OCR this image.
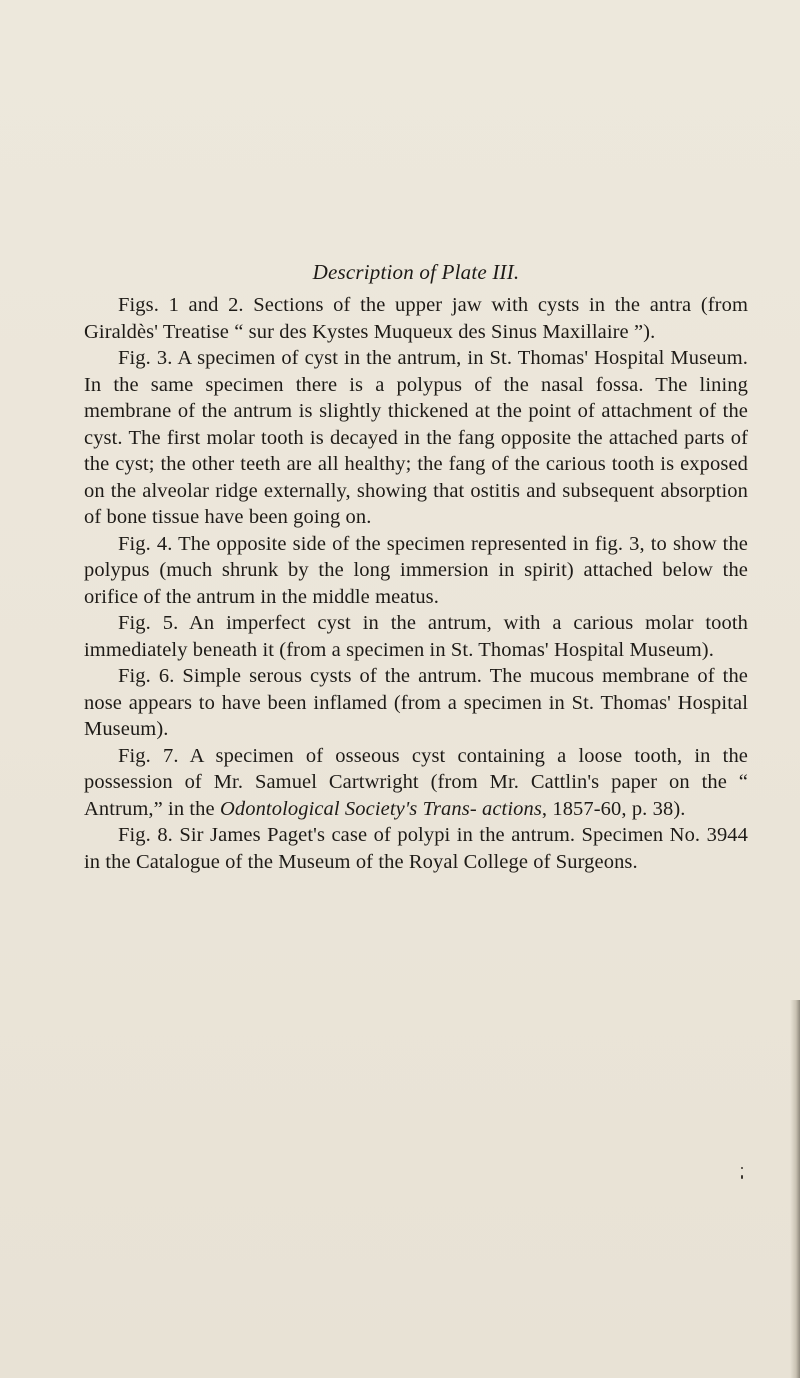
Description of Plate III.

Figs. 1 and 2. Sections of the upper jaw with cysts in the antra (from Giraldès' Treatise “ sur des Kystes Muqueux des Sinus Maxillaire ”).

Fig. 3. A specimen of cyst in the antrum, in St. Thomas' Hospital Museum. In the same specimen there is a polypus of the nasal fossa. The lining membrane of the antrum is slightly thickened at the point of attachment of the cyst. The first molar tooth is decayed in the fang opposite the attached parts of the cyst; the other teeth are all healthy; the fang of the carious tooth is exposed on the alveolar ridge externally, showing that ostitis and subsequent absorption of bone tissue have been going on.

Fig. 4. The opposite side of the specimen represented in fig. 3, to show the polypus (much shrunk by the long immersion in spirit) attached below the orifice of the antrum in the middle meatus.

Fig. 5. An imperfect cyst in the antrum, with a carious molar tooth immediately beneath it (from a specimen in St. Thomas' Hospital Museum).

Fig. 6. Simple serous cysts of the antrum. The mucous membrane of the nose appears to have been inflamed (from a specimen in St. Thomas' Hospital Museum).

Fig. 7. A specimen of osseous cyst containing a loose tooth, in the possession of Mr. Samuel Cartwright (from Mr. Cattlin's paper on the “ Antrum,” in the Odontological Society's Trans- actions, 1857-60, p. 38).

Fig. 8. Sir James Paget's case of polypi in the antrum. Specimen No. 3944 in the Catalogue of the Museum of the Royal College of Surgeons.
